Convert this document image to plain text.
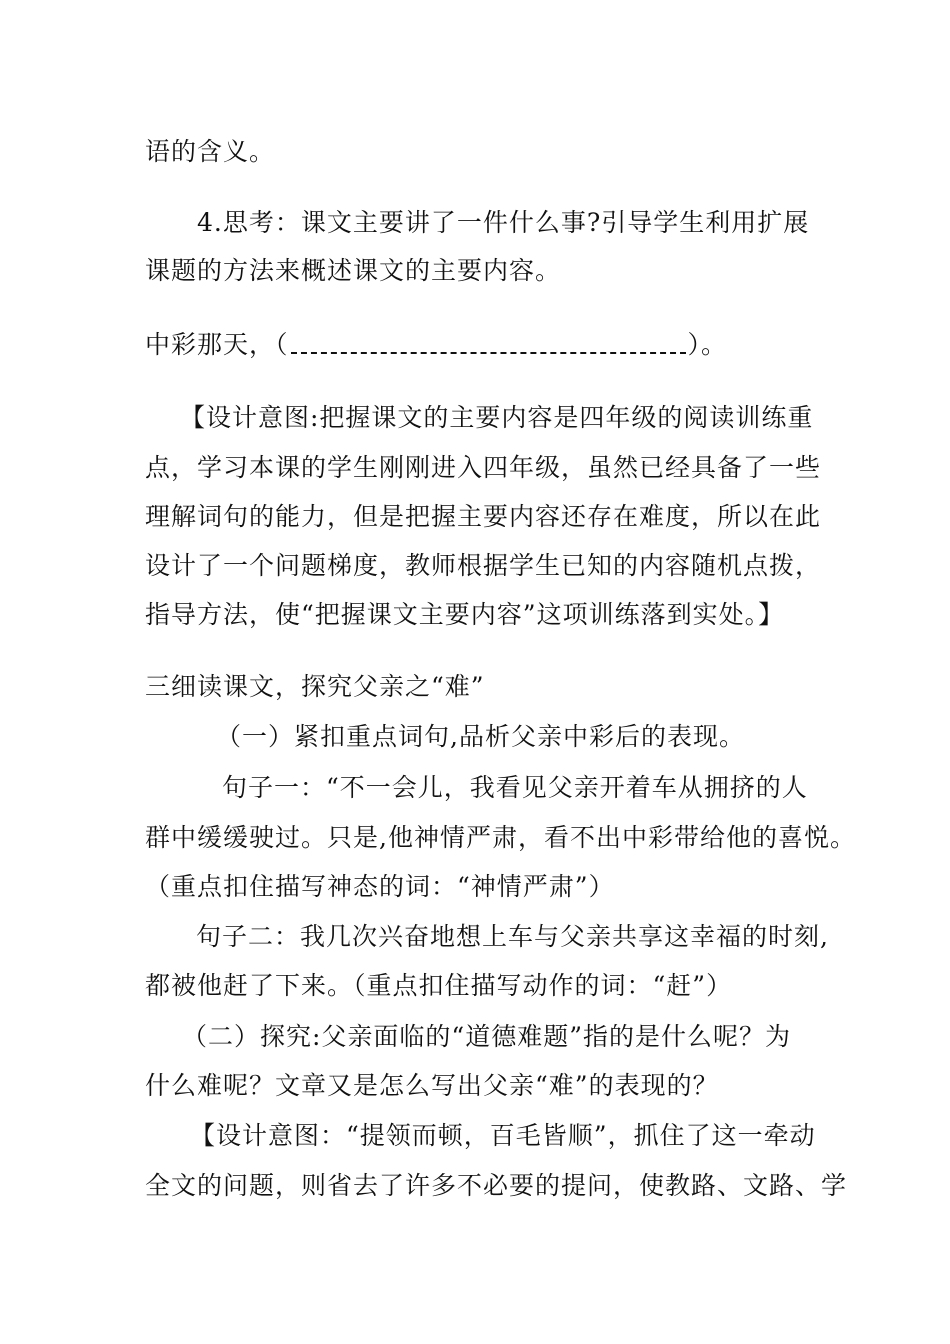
语的含义。
4.思考：课文主要讲了一件什么事?引导学生利用扩展
课题的方法来概述课文的主要内容。
中彩那天，（	）。
【设计意图:把握课文的主要内容是四年级的阅读训练重
点，学习本课的学生刚刚进入四年级，虽然已经具备了一些
理解词句的能力，但是把握主要内容还存在难度，所以在此
设计了一个问题梯度，教师根据学生已知的内容随机点拨，
指导方法，使“把握课文主要内容”这项训练落到实处。】
三细读课文，探究父亲之“难”
（一）紧扣重点词句,品析父亲中彩后的表现。
句子一：“不一会儿，我看见父亲开着车从拥挤的人
群中缓缓驶过。只是,他神情严肃，看不出中彩带给他的喜悦。
（重点扣住描写神态的词：“神情严肃”）
句子二：我几次兴奋地想上车与父亲共享这幸福的时刻,
都被他赶了下来。（重点扣住描写动作的词：“赶”）
（二）探究:父亲面临的“道德难题”指的是什么呢？为
什么难呢？文章又是怎么写出父亲“难”的表现的？
【设计意图：“提领而顿，百毛皆顺”，抓住了这一牵动
全文的问题，则省去了许多不必要的提问，使教路、文路、学
